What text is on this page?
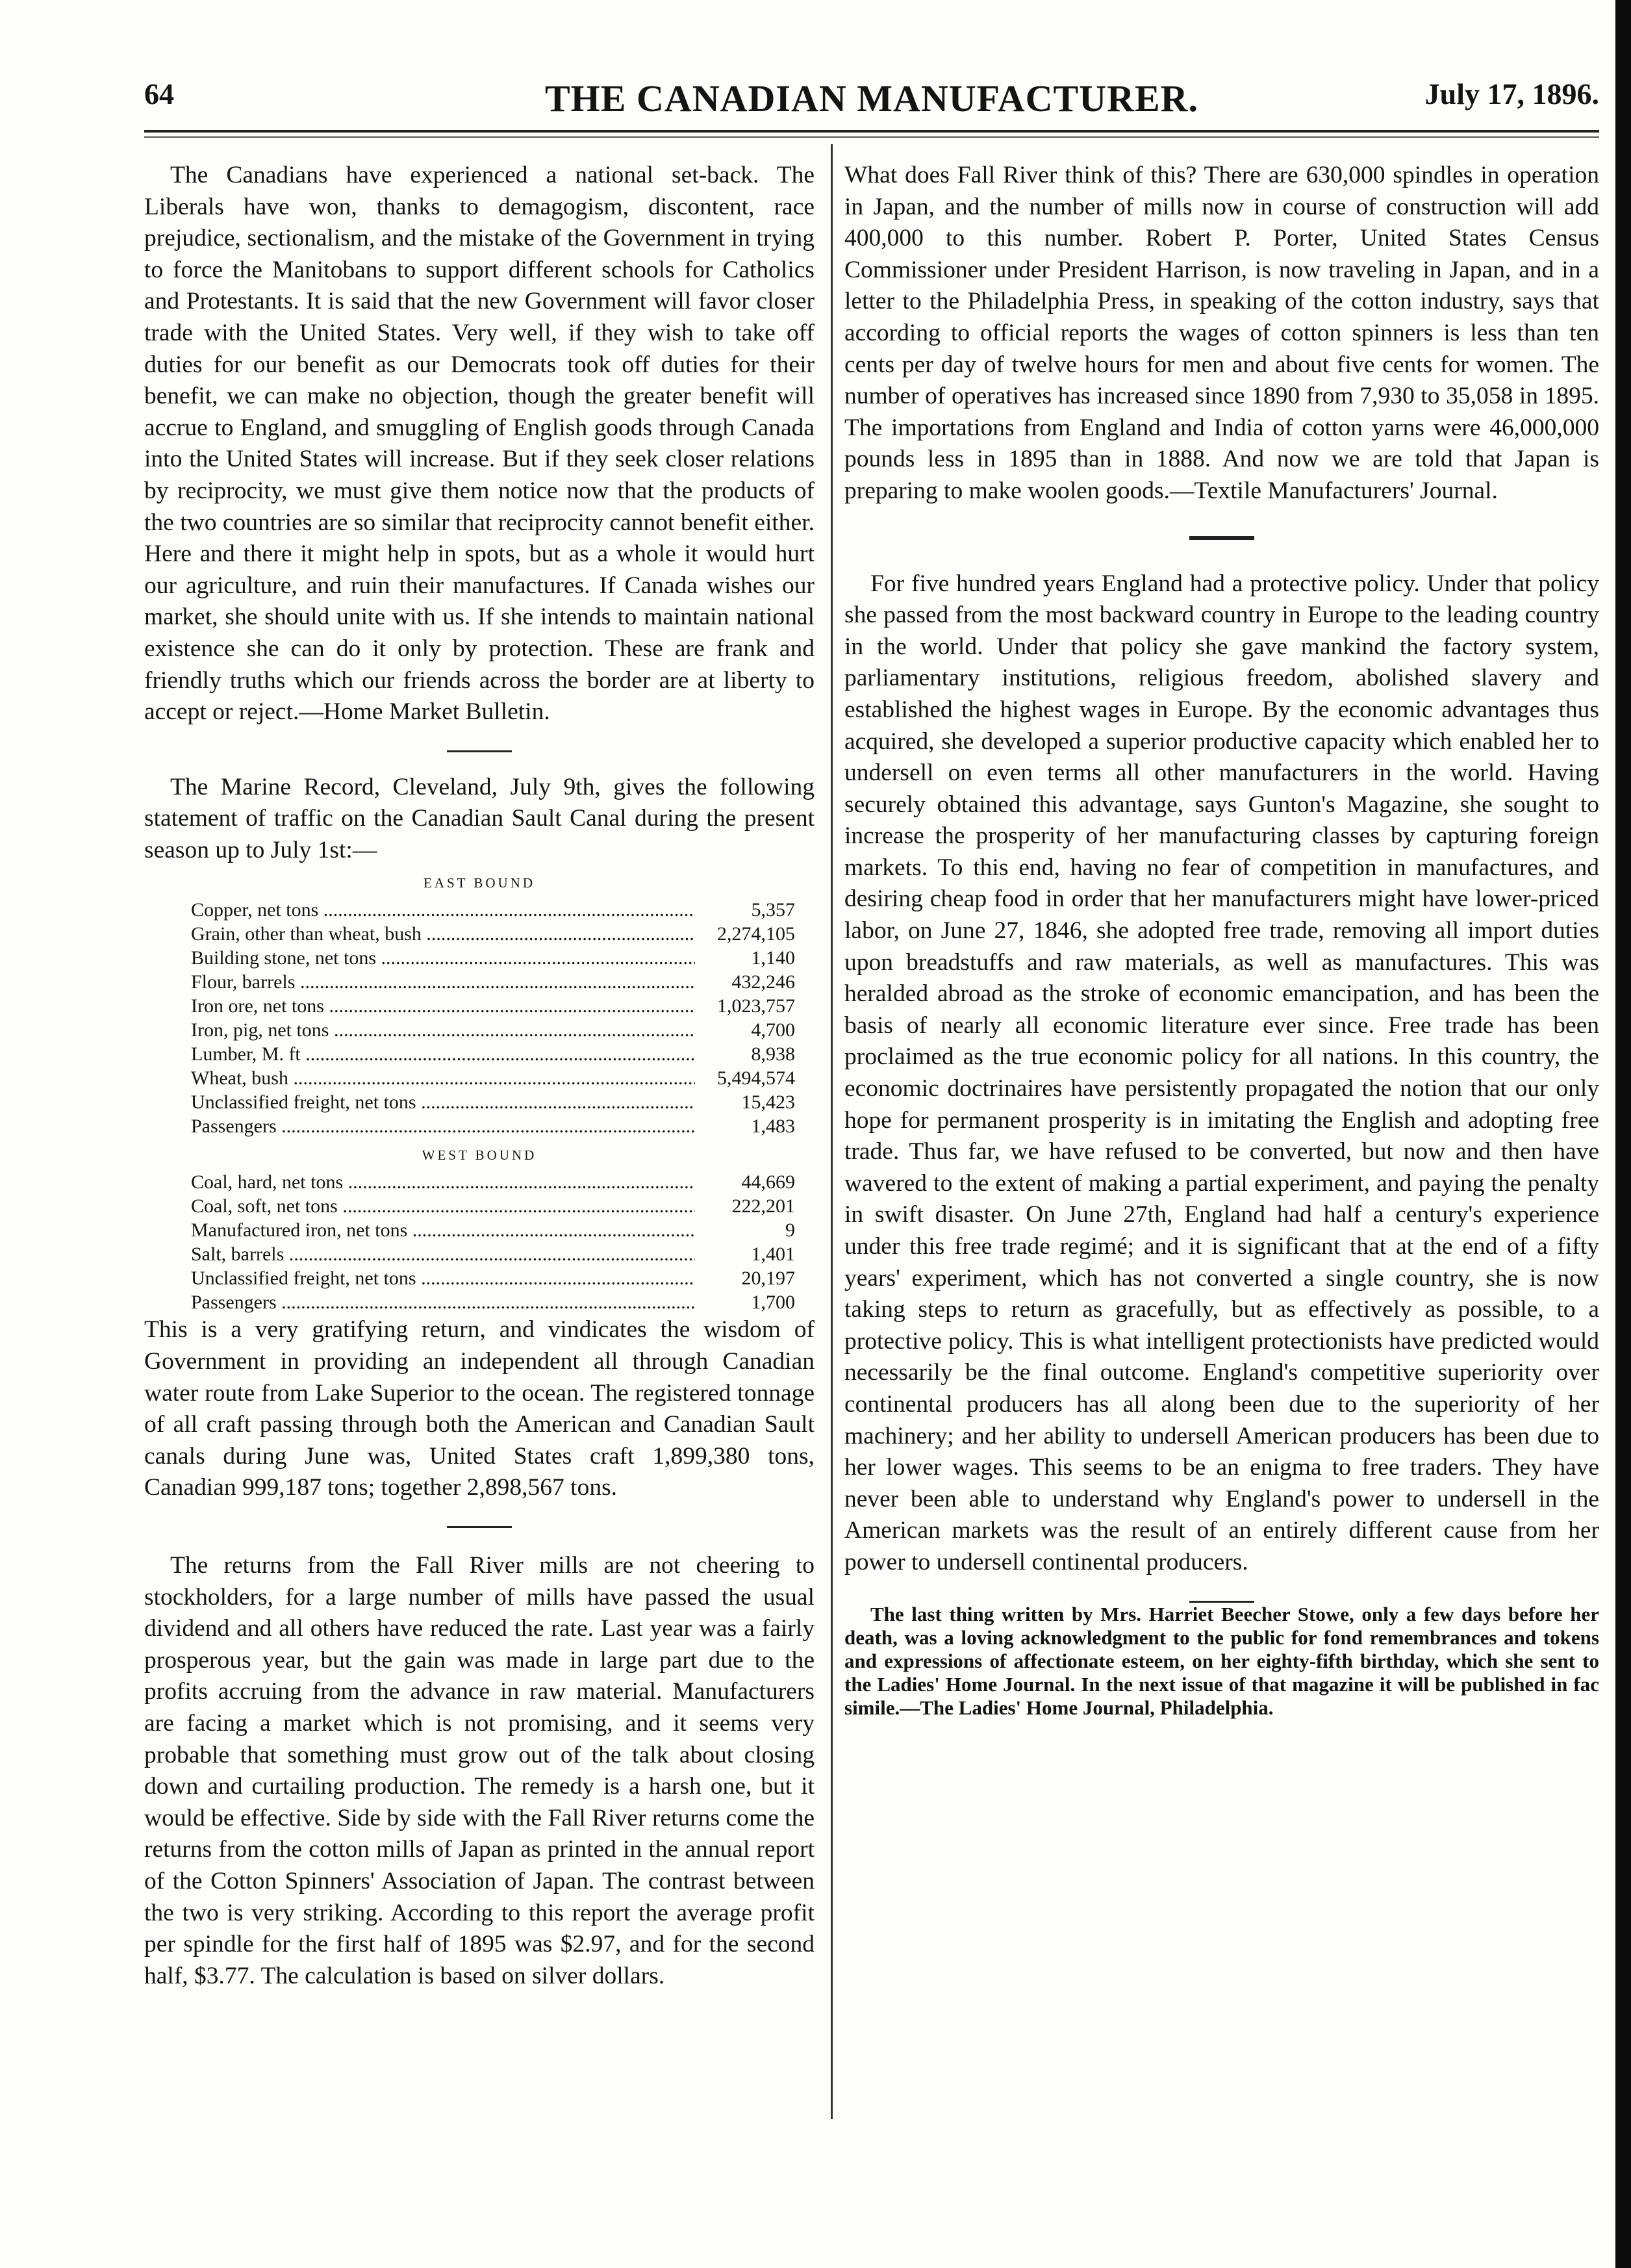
THE CANADIAN MANUFACTURER.
64	July 17, 1896.

The Canadians have experienced a national set-back. The Liberals have won, thanks to demagogism, discontent, race prejudice, sectionalism, and the mistake of the Government in trying to force the Manitobans to support different schools for Catholics and Protestants. It is said that the new Government will favor closer trade with the United States. Very well, if they wish to take off duties for our benefit as our Democrats took off duties for their benefit, we can make no objection, though the greater benefit will accrue to England, and smuggling of English goods through Canada into the United States will increase. But if they seek closer relations by reciprocity, we must give them notice now that the products of the two countries are so similar that reciprocity cannot benefit either. Here and there it might help in spots, but as a whole it would hurt our agriculture, and ruin their manufactures. If Canada wishes our market, she should unite with us. If she intends to maintain national existence she can do it only by protection. These are frank and friendly truths which our friends across the border are at liberty to accept or reject.—Home Market Bulletin.

The Marine Record, Cleveland, July 9th, gives the following statement of traffic on the Canadian Sault Canal during the present season up to July 1st:—

EAST BOUND
Copper, net tons .....	5,357
Grain, other than wheat, bush .....	2,274,105
Building stone, net tons .....	1,140
Flour, barrels .....	432,246
Iron ore, net tons .....	1,023,757
Iron, pig, net tons .....	4,700
Lumber, M. ft .....	8,938
Wheat, bush .....	5,494,574
Unclassified freight, net tons .....	15,423
Passengers .....	1,483
WEST BOUND
Coal, hard, net tons .....	44,669
Coal, soft, net tons .....	222,201
Manufactured iron, net tons .....	9
Salt, barrels .....	1,401
Unclassified freight, net tons .....	20,197
Passengers .....	1,700

This is a very gratifying return, and vindicates the wisdom of Government in providing an independent all through Canadian water route from Lake Superior to the ocean. The registered tonnage of all craft passing through both the American and Canadian Sault canals during June was, United States craft 1,899,380 tons, Canadian 999,187 tons; together 2,898,567 tons.

The returns from the Fall River mills are not cheering to stockholders, for a large number of mills have passed the usual dividend and all others have reduced the rate. Last year was a fairly prosperous year, but the gain was made in large part due to the profits accruing from the advance in raw material. Manufacturers are facing a market which is not promising, and it seems very probable that something must grow out of the talk about closing down and curtailing production. The remedy is a harsh one, but it would be effective. Side by side with the Fall River returns come the returns from the cotton mills of Japan as printed in the annual report of the Cotton Spinners' Association of Japan. The contrast between the two is very striking. According to this report the average profit per spindle for the first half of 1895 was $2.97, and for the second half, $3.77. The calculation is based on silver dollars.

What does Fall River think of this? There are 630,000 spindles in operation in Japan, and the number of mills now in course of construction will add 400,000 to this number. Robert P. Porter, United States Census Commissioner under President Harrison, is now traveling in Japan, and in a letter to the Philadelphia Press, in speaking of the cotton industry, says that according to official reports the wages of cotton spinners is less than ten cents per day of twelve hours for men and about five cents for women. The number of operatives has increased since 1890 from 7,930 to 35,058 in 1895. The importations from England and India of cotton yarns were 46,000,000 pounds less in 1895 than in 1888. And now we are told that Japan is preparing to make woolen goods.—Textile Manufacturers' Journal.

For five hundred years England had a protective policy. Under that policy she passed from the most backward country in Europe to the leading country in the world. Under that policy she gave mankind the factory system, parliamentary institutions, religious freedom, abolished slavery and established the highest wages in Europe. By the economic advantages thus acquired, she developed a superior productive capacity which enabled her to undersell on even terms all other manufacturers in the world. Having securely obtained this advantage, says Gunton's Magazine, she sought to increase the prosperity of her manufacturing classes by capturing foreign markets. To this end, having no fear of competition in manufactures, and desiring cheap food in order that her manufacturers might have lower-priced labor, on June 27, 1846, she adopted free trade, removing all import duties upon breadstuffs and raw materials, as well as manufactures. This was heralded abroad as the stroke of economic emancipation, and has been the basis of nearly all economic literature ever since. Free trade has been proclaimed as the true economic policy for all nations. In this country, the economic doctrinaires have persistently propagated the notion that our only hope for permanent prosperity is in imitating the English and adopting free trade. Thus far, we have refused to be converted, but now and then have wavered to the extent of making a partial experiment, and paying the penalty in swift disaster. On June 27th, England had half a century's experience under this free trade regimé; and it is significant that at the end of a fifty years' experiment, which has not converted a single country, she is now taking steps to return as gracefully, but as effectively as possible, to a protective policy. This is what intelligent protectionists have predicted would necessarily be the final outcome. England's competitive superiority over continental producers has all along been due to the superiority of her machinery; and her ability to undersell American producers has been due to her lower wages. This seems to be an enigma to free traders. They have never been able to understand why England's power to undersell in the American markets was the result of an entirely different cause from her power to undersell continental producers.

The last thing written by Mrs. Harriet Beecher Stowe, only a few days before her death, was a loving acknowledgment to the public for fond remembrances and tokens and expressions of affectionate esteem, on her eighty-fifth birthday, which she sent to the Ladies' Home Journal. In the next issue of that magazine it will be published in fac simile.—The Ladies' Home Journal, Philadelphia.
